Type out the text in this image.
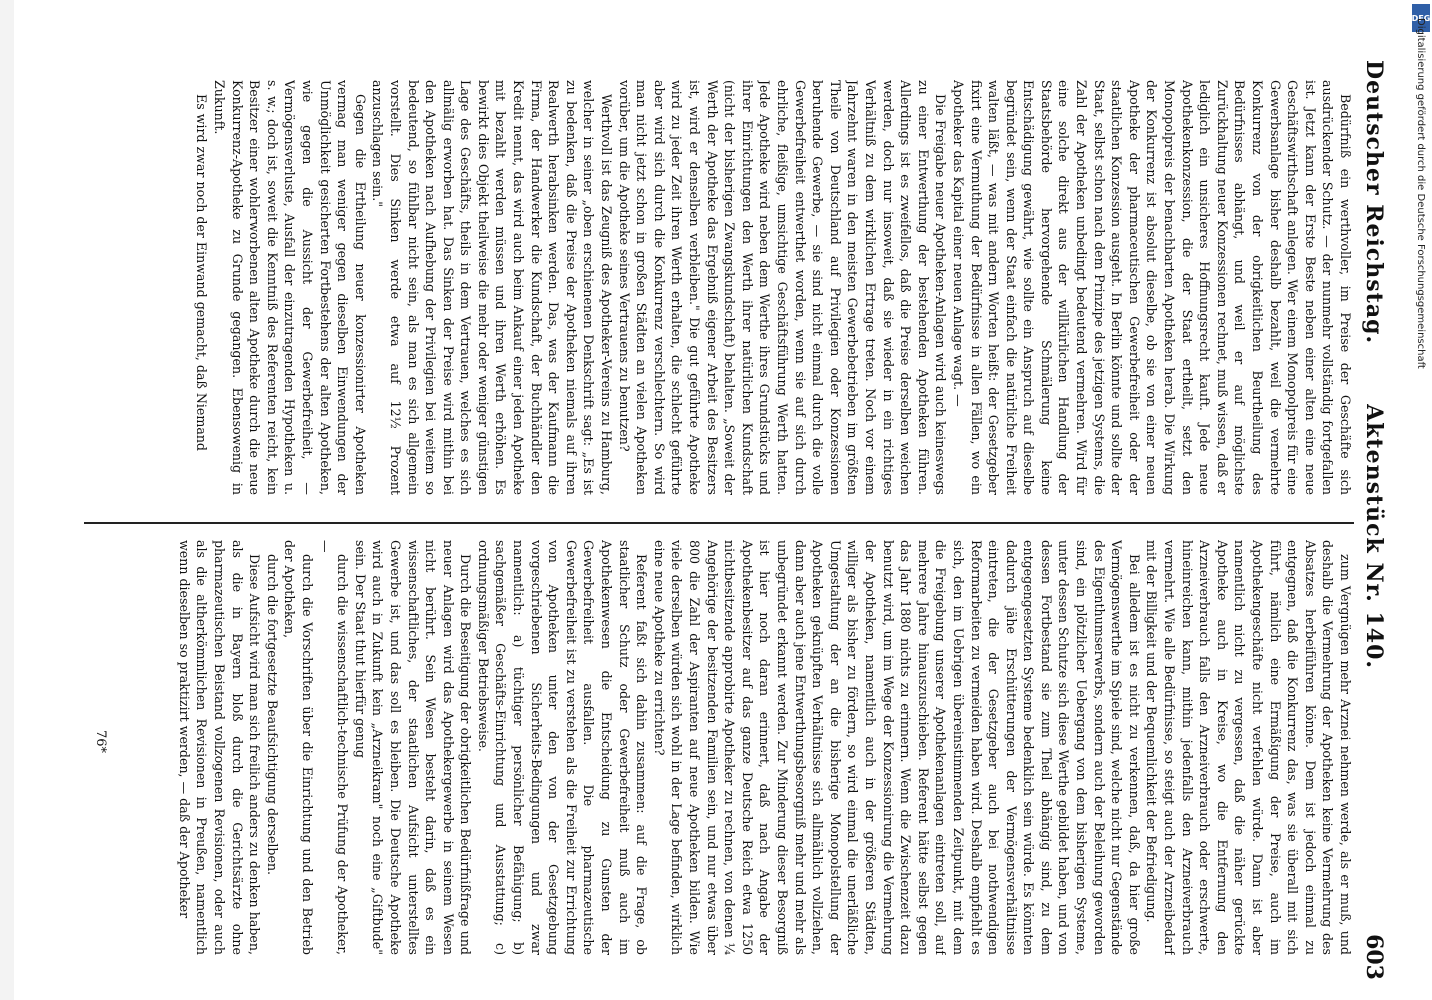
Deutscher Reichstag.
Aktenstück Nr. 140.
603

Bedürfniß ein werthvoller, im Preise der Geschäfte sich ausdrückender Schutz. — der nunmehr vollständig fortgefallen ist. Jetzt kann der Erste Beste neben einer alten eine neue Geschäftswirthschaft anlegen. Wer einem Monopolpreis für eine Gewerbsanlage bisher deshalb bezahlt, weil die vermehrte Konkurrenz von der obrigkeitlichen Beurtheilung des Bedürfnisses abhängt, und weil er auf möglichste Zurückhaltung neuer Konzessionen rechnet, muß wissen, daß er lediglich ein unsicheres Hoffnungsrecht kauft. Jede neue Apothekenkonzession, die der Staat ertheilt, setzt den Monopolpreis der benachbarten Apotheken herab. Die Wirkung der Konkurrenz ist absolut dieselbe, ob sie von einer neuen Apotheke der pharmaceutischen Gewerbefreiheit oder der staatlichen Konzession ausgeht. In Berlin könnte und sollte der Staat, selbst schon nach dem Prinzipe des jetzigen Systems, die Zahl der Apotheken unbedingt bedeutend vermehren. Wird für eine solche direkt aus der willkürlichen Handlung der Staatsbehörde hervorgehende Schmälerung keine Entschädigung gewährt, wie sollte ein Anspruch auf dieselbe begründet sein, wenn der Staat einfach die natürliche Freiheit walten läßt, — was mit andern Worten heißt: der Gesetzgeber fixirt eine Vermuthung der Bedürfnisse in allen Fällen, wo ein Apotheker das Kapital einer neuen Anlage wagt. —

Die Freigabe neuer Apotheken-Anlagen wird auch keineswegs zu einer Entwerthung der bestehenden Apotheken führen. Allerdings ist es zweifellos, daß die Preise derselben weichen werden, doch nur insoweit, daß sie wieder in ein richtiges Verhältniß zu dem wirklichen Ertrage treten. Noch vor einem Jahrzehnt waren in den meisten Gewerbebetrieben im größten Theile von Deutschland auf Privilegien oder Konzessionen beruhende Gewerbe, — sie sind nicht einmal durch die volle Gewerbefreiheit entwerthet worden, wenn sie auf sich durch ehrliche, fleißige, umsichtige Geschäftsführung Werth hatten. Jede Apotheke wird neben dem Werthe ihres Grundstücks und ihrer Einrichtungen den Werth ihrer natürlichen Kundschaft (nicht der bisherigen Zwangskundschaft) behalten. „Soweit der Werth der Apotheke das Ergebniß eigener Arbeit des Besitzers ist, wird er denselben verbleiben." Die gut geführte Apotheke wird zu jeder Zeit ihren Werth erhalten, die schlecht geführte aber wird sich durch die Konkurrenz verschlechtern. So wird man nicht jetzt schon in großen Städten an vielen Apotheken vorüber, um die Apotheke seines Vertrauens zu benutzen?

Werthvoll ist das Zeugniß des Apotheker-Vereins zu Hamburg, welcher in seiner „oben erschienenen Denkschrift sagt: „Es ist zu bedenken, daß die Preise der Apotheken niemals auf ihren Realwerth herabsinken werden. Das, was der Kaufmann die Firma, der Handwerker die Kundschaft, der Buchhändler den Kredit nennt, das wird auch beim Ankauf einer jeden Apotheke mit bezahlt werden müssen und ihren Werth erhöhen. Es bewirkt dies Objekt theilweise die mehr oder weniger günstigen Lage des Geschäfts, theils in dem Vertrauen, welches es sich allmälig erworben hat. Das Sinken der Preise wird mithin bei den Apotheken nach Aufhebung der Privilegien bei weitem so bedeutend, so fühlbar nicht sein, als man es sich allgemein vorstellt. Dies Sinken werde etwa auf 12½ Prozent anzuschlagen sein."

Gegen die Ertheilung neuer konzessionirter Apotheken vermag man weniger gegen dieselben Einwendungen der Unmöglichkeit gesicherten Fortbestehens der alten Apotheken, wie gegen die Aussicht der Gewerbefreiheit, — Vermögensverluste, Ausfall der einzutragenden Hypotheken u. s. w.; doch ist, soweit die Kenntniß des Referenten reicht, kein Besitzer einer wohlerworbenen alten Apotheke durch die neue Konkurrenz-Apotheke zu Grunde gegangen. Ebensowenig in Zukunft.

Es wird zwar noch der Einwand gemacht, daß Niemand

zum Vergnügen mehr Arznei nehmen werde, als er muß, und deshalb die Vermehrung der Apotheken keine Vermehrung des Absatzes herbeiführen könne. Dem ist jedoch einmal zu entgegnen, daß die Konkurrenz das, was sie überall mit sich führt, nämlich eine Ermäßigung der Preise, auch im Apothekengeschäfte nicht verfehlen würde. Dann ist aber namentlich nicht zu vergessen, daß die näher gerückte Apotheke auch in Kreise, wo die Entfernung den Arzneiverbrauch falls den Arzneiverbrauch oder erschwerte, hineinreichen kann, mithin jedenfalls den Arzneiverbrauch vermehrt. Wie alle Bedürfnisse, so steigt auch der Arzneibedarf mit der Billigkeit und der Bequemlichkeit der Befriedigung.

Bei alledem ist es nicht zu verkennen, daß, da hier große Vermögenswerthe im Spiele sind, welche nicht nur Gegenstände des Eigenthumserwerbs, sondern auch der Beleihung geworden sind, ein plötzlicher Uebergang von dem bisherigen Systeme, unter dessen Schutze sich diese Werthe gebildet haben, und von dessen Fortbestand sie zum Theil abhängig sind, zu dem entgegengesetzten Systeme bedenklich sein würde. Es könnten dadurch jähe Erschütterungen der Vermögensverhältnisse eintreten, die der Gesetzgeber auch bei nothwendigen Reformarbeiten zu vermeiden haben wird. Deshalb empfiehlt es sich, den im Uebrigen übereinstimmenden Zeitpunkt, mit dem die Freigebung unserer Apothekenanlagen eintreten soll, auf mehrere Jahre hinauszuschieben. Referent hätte selbst gegen das Jahr 1880 nichts zu erinnern. Wenn die Zwischenzeit dazu benutzt wird, um im Wege der Konzessionirung die Vermehrung der Apotheken, namentlich auch in der größeren Städten, williger als bisher zu fördern, so wird einmal die unerläßliche Umgestaltung der an die bisherige Monopolstellung der Apotheken geknüpften Verhältnisse sich allmählich vollziehen, dann aber auch jene Entwerthungsbesorgniß mehr und mehr als unbegründet erkannt werden. Zur Minderung dieser Besorgniß ist hier noch daran erinnert, daß nach Angabe der Apothekenbesitzer auf das ganze Deutsche Reich etwa 1250 nichtbesitzende approbirte Apotheker zu rechnen, von denen ¼ Angehörige der besitzenden Familien sein, und nur etwas über 800 die Zahl der Aspiranten auf neue Apotheken bilden. Wie viele derselben würden sich wohl in der Lage befinden, wirklich eine neue Apotheke zu errichten?

Referent faßt sich dahin zusammen: auf die Frage, ob staatlicher Schutz oder Gewerbefreiheit muß auch im Apothekenwesen die Entscheidung zu Gunsten der Gewerbefreiheit ausfallen. Die pharmazeutische Gewerbefreiheit ist zu verstehen als die Freiheit zur Errichtung von Apotheken unter den von der Gesetzgebung vorgeschriebenen Sicherheits-Bedingungen und zwar namentlich: a) tüchtiger persönlicher Befähigung; b) sachgemäßer Geschäfts-Einrichtung und Ausstattung; c) ordnungsmäßiger Betriebsweise.

Durch die Beseitigung der obrigkeitlichen Bedürfnißfrage und neuer Anlagen wird das Apothekergewerbe in seinem Wesen nicht berührt. Sein Wesen besteht darin, daß es ein wissenschaftliches, der staatlichen Aufsicht unterstelltes Gewerbe ist, und das soll es bleiben. Die Deutsche Apotheke wird auch in Zukunft kein „Arzneikram" noch eine „Giftbude" sein. Der Staat thut hierfür genug

durch die wissenschaftlich-technische Prüfung der Apotheker, —

durch die Vorschriften über die Einrichtung und den Betrieb der Apotheken,

durch die fortgesetzte Beaufsichtigung derselben.

Diese Aufsicht wird man sich freilich anders zu denken haben, als die in Bayern bloß durch die Gerichtsärzte ohne pharmazeutischen Beistand vollzogenen Revisionen, oder auch als die altherkömmlichen Revisionen in Preußen, namentlich wenn dieselben so praktizirt werden, — daß der Apotheker

76*
DFG
Digitalisierung gefördert durch die Deutsche Forschungsgemeinschaft
